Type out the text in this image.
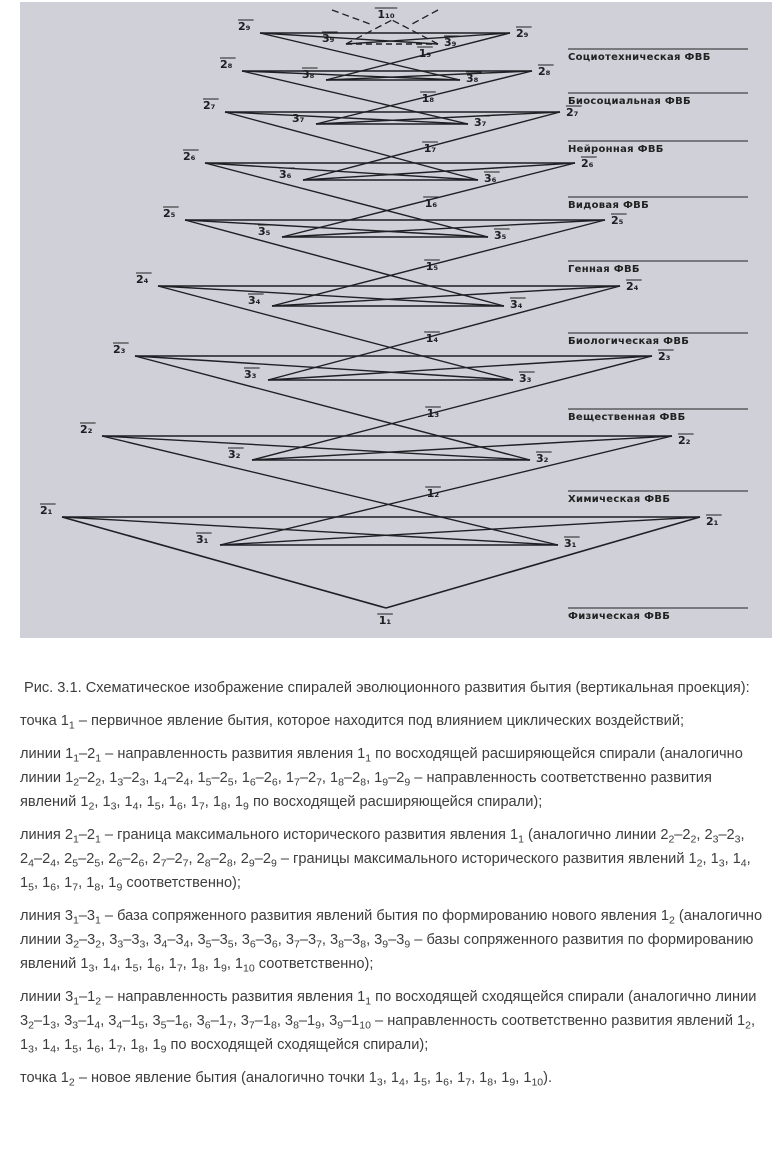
2₁
2₁
3₁	3₁
1₂	Химическая ФВБ
2₂
2₂
3₂	3₂
1₃	Вещественная ФВБ
2₃
2₃
3₃	3₃
1₄	Биологическая ФВБ
2₄
2₄
3₄	3₄
1₅	Генная ФВБ
2₅
2₅
3₅	3₅
1₆	Видовая ФВБ
2₆
2₆
3₆	3₆
1₇	Нейронная ФВБ
2₇
2₇
3₇	3₇
1₈	Биосоциальная ФВБ
2₈
2₈
3₈	3₈
1₉	Социотехническая ФВБ
2₉
2₉
3₉	3₉
1₁	Физическая ФВБ
1₁₀

Рис. 3.1. Схематическое изображение спиралей эволюционного развития бытия (вертикальная проекция):

точка $1_1$ – первичное явление бытия, которое находится под влиянием циклических воздействий;

линии $1_1-2_1$ – направленность развития явления $1_1$ по восходящей расширяющейся спирали (аналогично линии $1_2-2_2$, $1_3-2_3$, $1_4-2_4$, $1_5-2_5$, $1_6-2_6$, $1_7-2_7$, $1_8-2_8$, $1_9-2_9$ – направленность соответственно развития явлений $1_2$, $1_3$, $1_4$, $1_5$, $1_6$, $1_7$, $1_8$, $1_9$ по восходящей расширяющейся спирали);

линия $2_1-2_1$ – граница максимального исторического развития явления $1_1$ (аналогично линии $2_2-2_2$, $2_3-2_3$, $2_4-2_4$, $2_5-2_5$, $2_6-2_6$, $2_7-2_7$, $2_8-2_8$, $2_9-2_9$ – границы максимального исторического развития явлений $1_2$, $1_3$, $1_4$, $1_5$, $1_6$, $1_7$, $1_8$, $1_9$ соответственно);

линия $3_1-3_1$ – база сопряженного развития явлений бытия по формированию нового явления $1_2$ (аналогично линии $3_2-3_2$, $3_3-3_3$, $3_4-3_4$, $3_5-3_5$, $3_6-3_6$, $3_7-3_7$, $3_8-3_8$, $3_9-3_9$ – базы сопряженного развития по формированию явлений $1_3$, $1_4$, $1_5$, $1_6$, $1_7$, $1_8$, $1_9$, $1_{10}$ соответственно);

линии $3_1-1_2$ – направленность развития явления $1_1$ по восходящей сходящейся спирали (аналогично линии $3_2-1_3$, $3_3-1_4$, $3_4-1_5$, $3_5-1_6$, $3_6-1_7$, $3_7-1_8$, $3_8-1_9$, $3_9-1_{10}$ – направленность соответственно развития явлений $1_2$, $1_3$, $1_4$, $1_5$, $1_6$, $1_7$, $1_8$, $1_9$ по восходящей сходящейся спирали);

точка $1_2$ – новое явление бытия (аналогично точки $1_3$, $1_4$, $1_5$, $1_6$, $1_7$, $1_8$, $1_9$, $1_{10}$).
